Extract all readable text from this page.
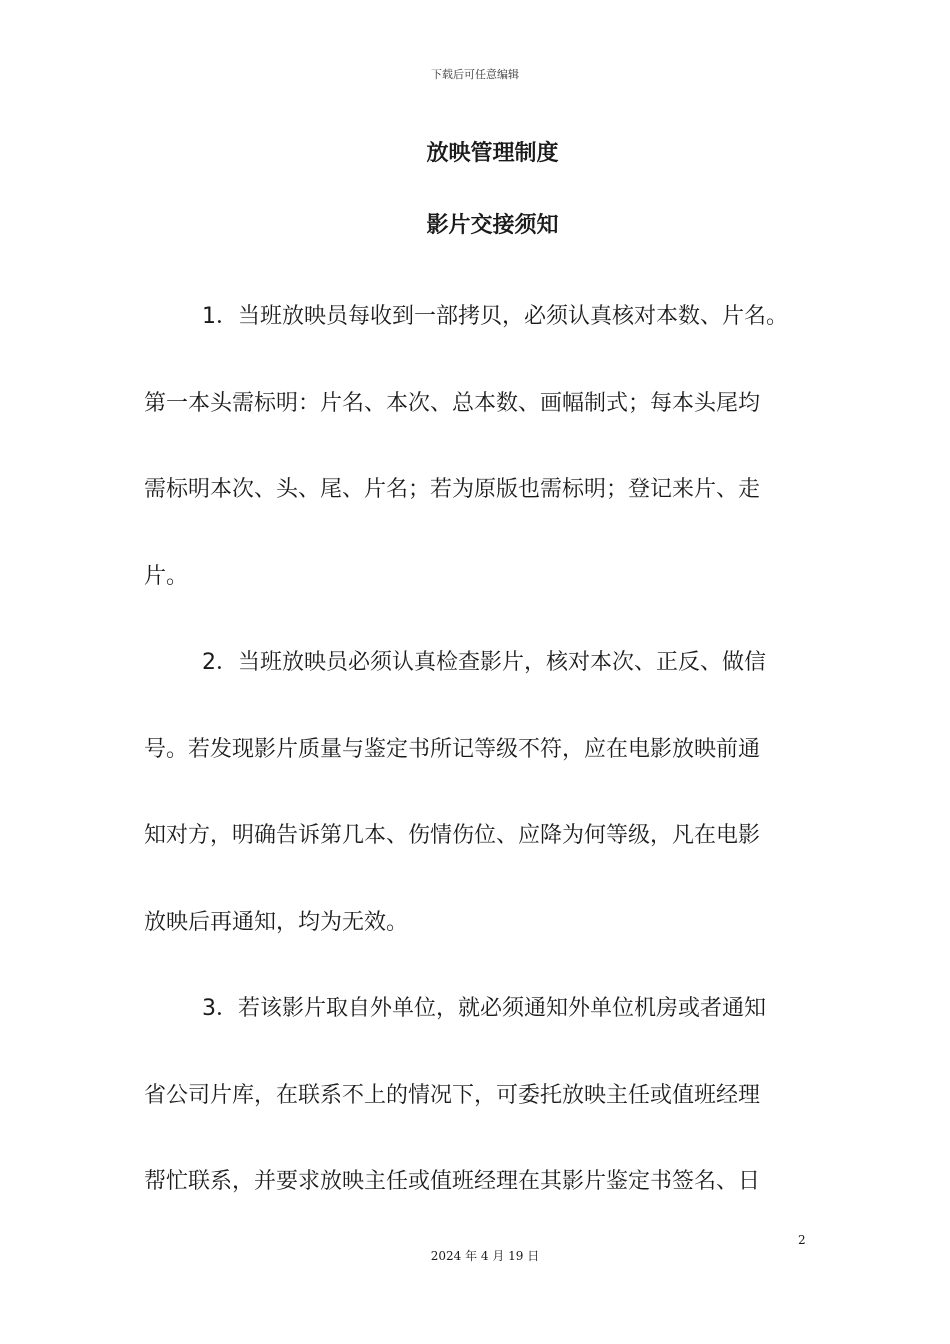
下载后可任意编辑
放映管理制度
影片交接须知
1．当班放映员每收到一部拷贝，必须认真核对本数、片名。
第一本头需标明：片名、本次、总本数、画幅制式；每本头尾均
需标明本次、头、尾、片名；若为原版也需标明；登记来片、走
片。
2．当班放映员必须认真检查影片，核对本次、正反、做信
号。若发现影片质量与鉴定书所记等级不符，应在电影放映前通
知对方，明确告诉第几本、伤情伤位、应降为何等级，凡在电影
放映后再通知，均为无效。
3．若该影片取自外单位，就必须通知外单位机房或者通知
省公司片库，在联系不上的情况下，可委托放映主任或值班经理
帮忙联系，并要求放映主任或值班经理在其影片鉴定书签名、日
2
2024 年 4 月 19 日
